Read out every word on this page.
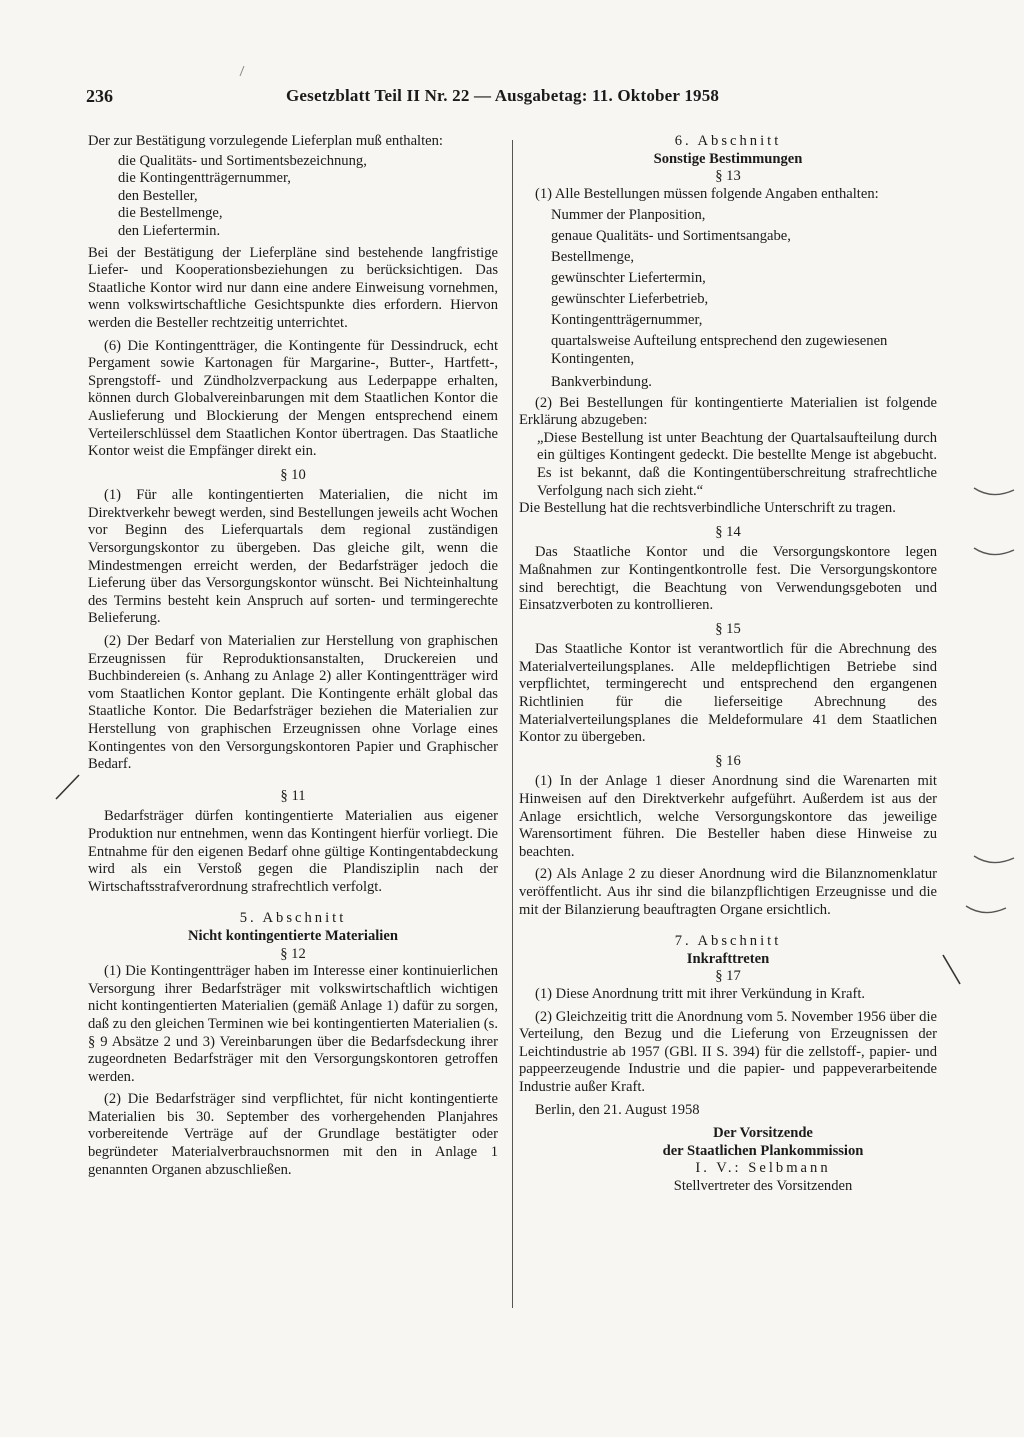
236	Gesetzblatt Teil II Nr. 22 — Ausgabetag: 11. Oktober 1958

Der zur Bestätigung vorzulegende Lieferplan muß enthalten:

die Qualitäts- und Sortimentsbezeichnung,
die Kontingentträgernummer,
den Besteller,
die Bestellmenge,
den Liefertermin.

Bei der Bestätigung der Lieferpläne sind bestehende langfristige Liefer- und Kooperationsbeziehungen zu berücksichtigen. Das Staatliche Kontor wird nur dann eine andere Einweisung vornehmen, wenn volkswirtschaftliche Gesichtspunkte dies erfordern. Hiervon werden die Besteller rechtzeitig unterrichtet.

(6) Die Kontingentträger, die Kontingente für Dessindruck, echt Pergament sowie Kartonagen für Margarine-, Butter-, Hartfett-, Sprengstoff- und Zündholzverpackung aus Lederpappe erhalten, können durch Globalvereinbarungen mit dem Staatlichen Kontor die Auslieferung und Blockierung der Mengen entsprechend einem Verteilerschlüssel dem Staatlichen Kontor übertragen. Das Staatliche Kontor weist die Empfänger direkt ein.

§ 10

(1) Für alle kontingentierten Materialien, die nicht im Direktverkehr bewegt werden, sind Bestellungen jeweils acht Wochen vor Beginn des Lieferquartals dem regional zuständigen Versorgungskontor zu übergeben. Das gleiche gilt, wenn die Mindestmengen erreicht werden, der Bedarfsträger jedoch die Lieferung über das Versorgungskontor wünscht. Bei Nichteinhaltung des Termins besteht kein Anspruch auf sorten- und termingerechte Belieferung.

(2) Der Bedarf von Materialien zur Herstellung von graphischen Erzeugnissen für Reproduktionsanstalten, Druckereien und Buchbindereien (s. Anhang zu Anlage 2) aller Kontingentträger wird vom Staatlichen Kontor geplant. Die Kontingente erhält global das Staatliche Kontor. Die Bedarfsträger beziehen die Materialien zur Herstellung von graphischen Erzeugnissen ohne Vorlage eines Kontingentes von den Versorgungskontoren Papier und Graphischer Bedarf.

§ 11

Bedarfsträger dürfen kontingentierte Materialien aus eigener Produktion nur entnehmen, wenn das Kontingent hierfür vorliegt. Die Entnahme für den eigenen Bedarf ohne gültige Kontingentabdeckung wird als ein Verstoß gegen die Plandisziplin nach der Wirtschaftsstrafverordnung strafrechtlich verfolgt.

5. Abschnitt
Nicht kontingentierte Materialien
§ 12

(1) Die Kontingentträger haben im Interesse einer kontinuierlichen Versorgung ihrer Bedarfsträger mit volkswirtschaftlich wichtigen nicht kontingentierten Materialien (gemäß Anlage 1) dafür zu sorgen, daß zu den gleichen Terminen wie bei kontingentierten Materialien (s. § 9 Absätze 2 und 3) Vereinbarungen über die Bedarfsdeckung ihrer zugeordneten Bedarfsträger mit den Versorgungskontoren getroffen werden.

(2) Die Bedarfsträger sind verpflichtet, für nicht kontingentierte Materialien bis 30. September des vorhergehenden Planjahres vorbereitende Verträge auf der Grundlage bestätigter oder begründeter Materialverbrauchsnormen mit den in Anlage 1 genannten Organen abzuschließen.

6. Abschnitt
Sonstige Bestimmungen
§ 13

(1) Alle Bestellungen müssen folgende Angaben enthalten:

Nummer der Planposition,
genaue Qualitäts- und Sortimentsangabe,
Bestellmenge,
gewünschter Liefertermin,
gewünschter Lieferbetrieb,
Kontingentträgernummer,
quartalsweise Aufteilung entsprechend den zugewiesenen Kontingenten,
Bankverbindung.

(2) Bei Bestellungen für kontingentierte Materialien ist folgende Erklärung abzugeben:

„Diese Bestellung ist unter Beachtung der Quartalsaufteilung durch ein gültiges Kontingent gedeckt. Die bestellte Menge ist abgebucht. Es ist bekannt, daß die Kontingentüberschreitung strafrechtliche Verfolgung nach sich zieht.“

Die Bestellung hat die rechtsverbindliche Unterschrift zu tragen.

§ 14

Das Staatliche Kontor und die Versorgungskontore legen Maßnahmen zur Kontingentkontrolle fest. Die Versorgungskontore sind berechtigt, die Beachtung von Verwendungsgeboten und Einsatzverboten zu kontrollieren.

§ 15

Das Staatliche Kontor ist verantwortlich für die Abrechnung des Materialverteilungsplanes. Alle meldepflichtigen Betriebe sind verpflichtet, termingerecht und entsprechend den ergangenen Richtlinien für die lieferseitige Abrechnung des Materialverteilungsplanes die Meldeformulare 41 dem Staatlichen Kontor zu übergeben.

§ 16

(1) In der Anlage 1 dieser Anordnung sind die Warenarten mit Hinweisen auf den Direktverkehr aufgeführt. Außerdem ist aus der Anlage ersichtlich, welche Versorgungskontore das jeweilige Warensortiment führen. Die Besteller haben diese Hinweise zu beachten.

(2) Als Anlage 2 zu dieser Anordnung wird die Bilanznomenklatur veröffentlicht. Aus ihr sind die bilanzpflichtigen Erzeugnisse und die mit der Bilanzierung beauftragten Organe ersichtlich.

7. Abschnitt
Inkrafttreten
§ 17

(1) Diese Anordnung tritt mit ihrer Verkündung in Kraft.

(2) Gleichzeitig tritt die Anordnung vom 5. November 1956 über die Verteilung, den Bezug und die Lieferung von Erzeugnissen der Leichtindustrie ab 1957 (GBl. II S. 394) für die zellstoff-, papier- und pappeerzeugende Industrie und die papier- und pappeverarbeitende Industrie außer Kraft.

Berlin, den 21. August 1958

Der Vorsitzende
der Staatlichen Plankommission
I. V.: Selbmann
Stellvertreter des Vorsitzenden
